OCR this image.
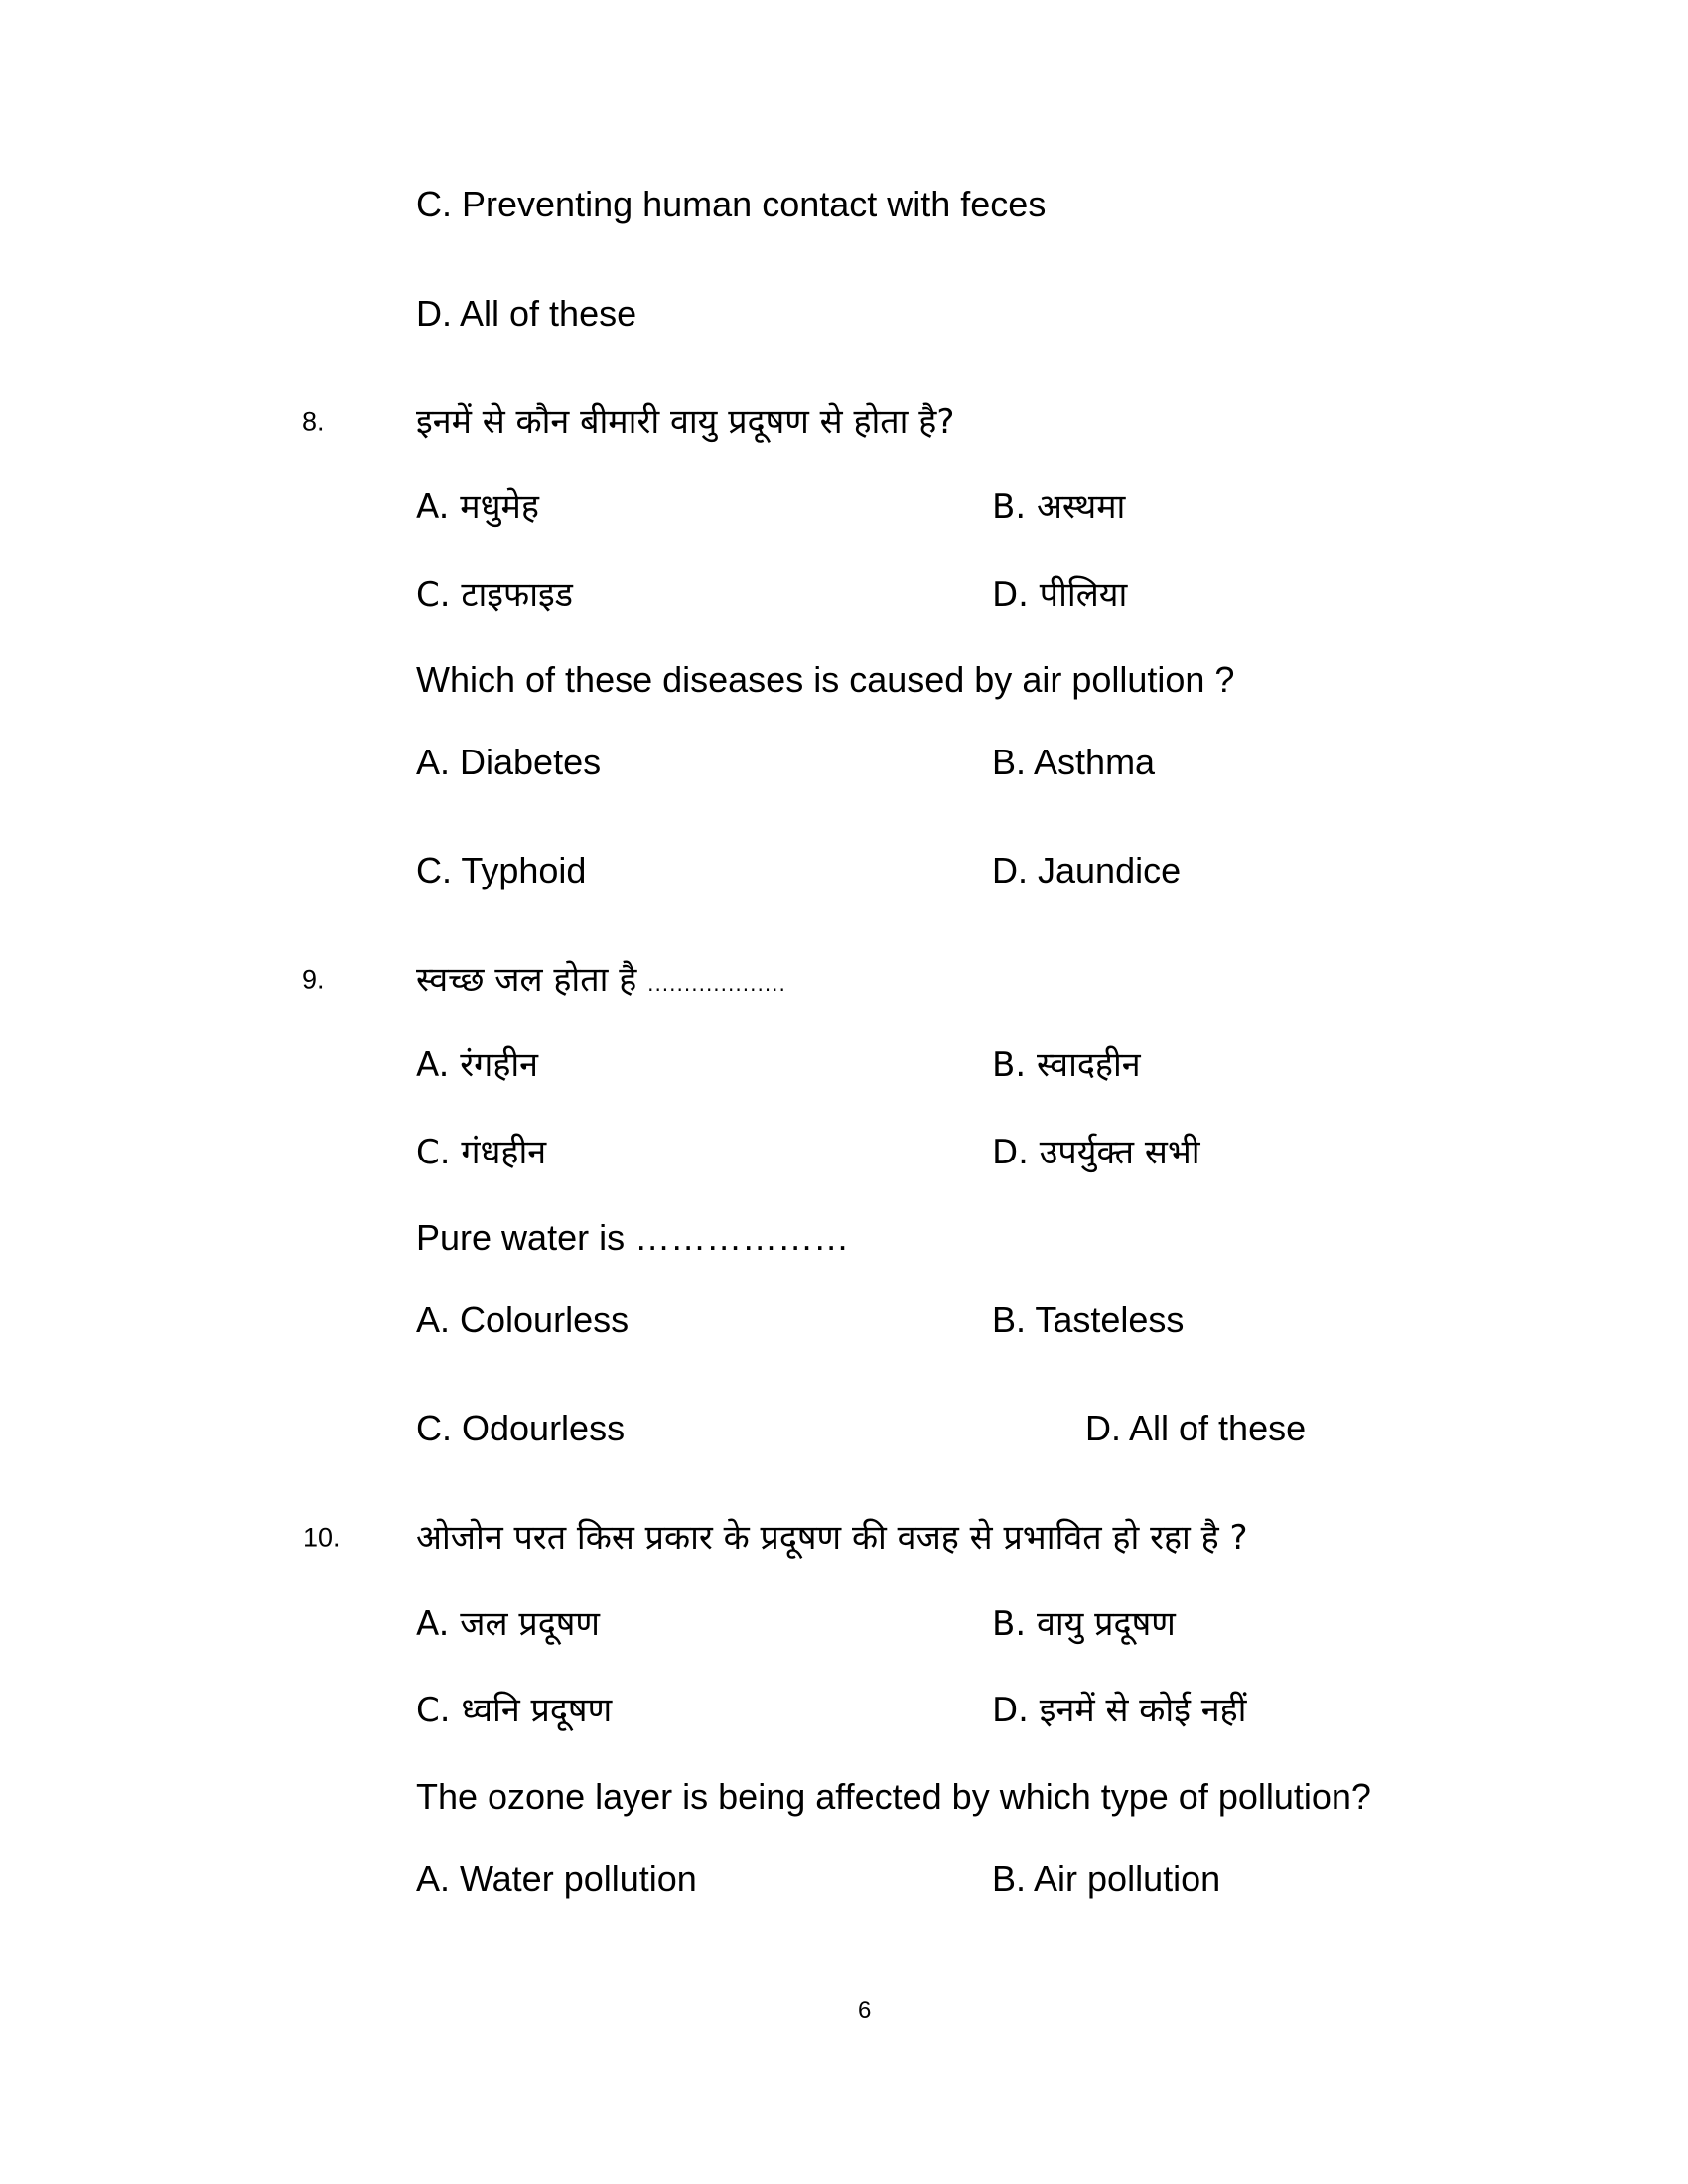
C. Preventing human contact with feces
D. All of these
8.	इनमें से कौन बीमारी वायु प्रदूषण से होता है?
A. मधुमेह	B. अस्थमा
C. टाइफाइड	D. पीलिया
Which of these diseases is caused by air pollution ?
A. Diabetes	B. Asthma
C. Typhoid	D. Jaundice
9.	स्वच्छ जल होता है ...................
A. रंगहीन	B. स्वादहीन
C. गंधहीन	D. उपर्युक्त सभी
Pure water is ………………
A. Colourless	B. Tasteless
C. Odourless	D. All of these
10. ओजोन परत किस प्रकार के प्रदूषण की वजह से प्रभावित हो रहा है ?
A. जल प्रदूषण	B. वायु प्रदूषण
C. ध्वनि प्रदूषण	D. इनमें से कोई नहीं
The ozone layer is being affected by which type of pollution?
A. Water pollution	B. Air pollution
6
